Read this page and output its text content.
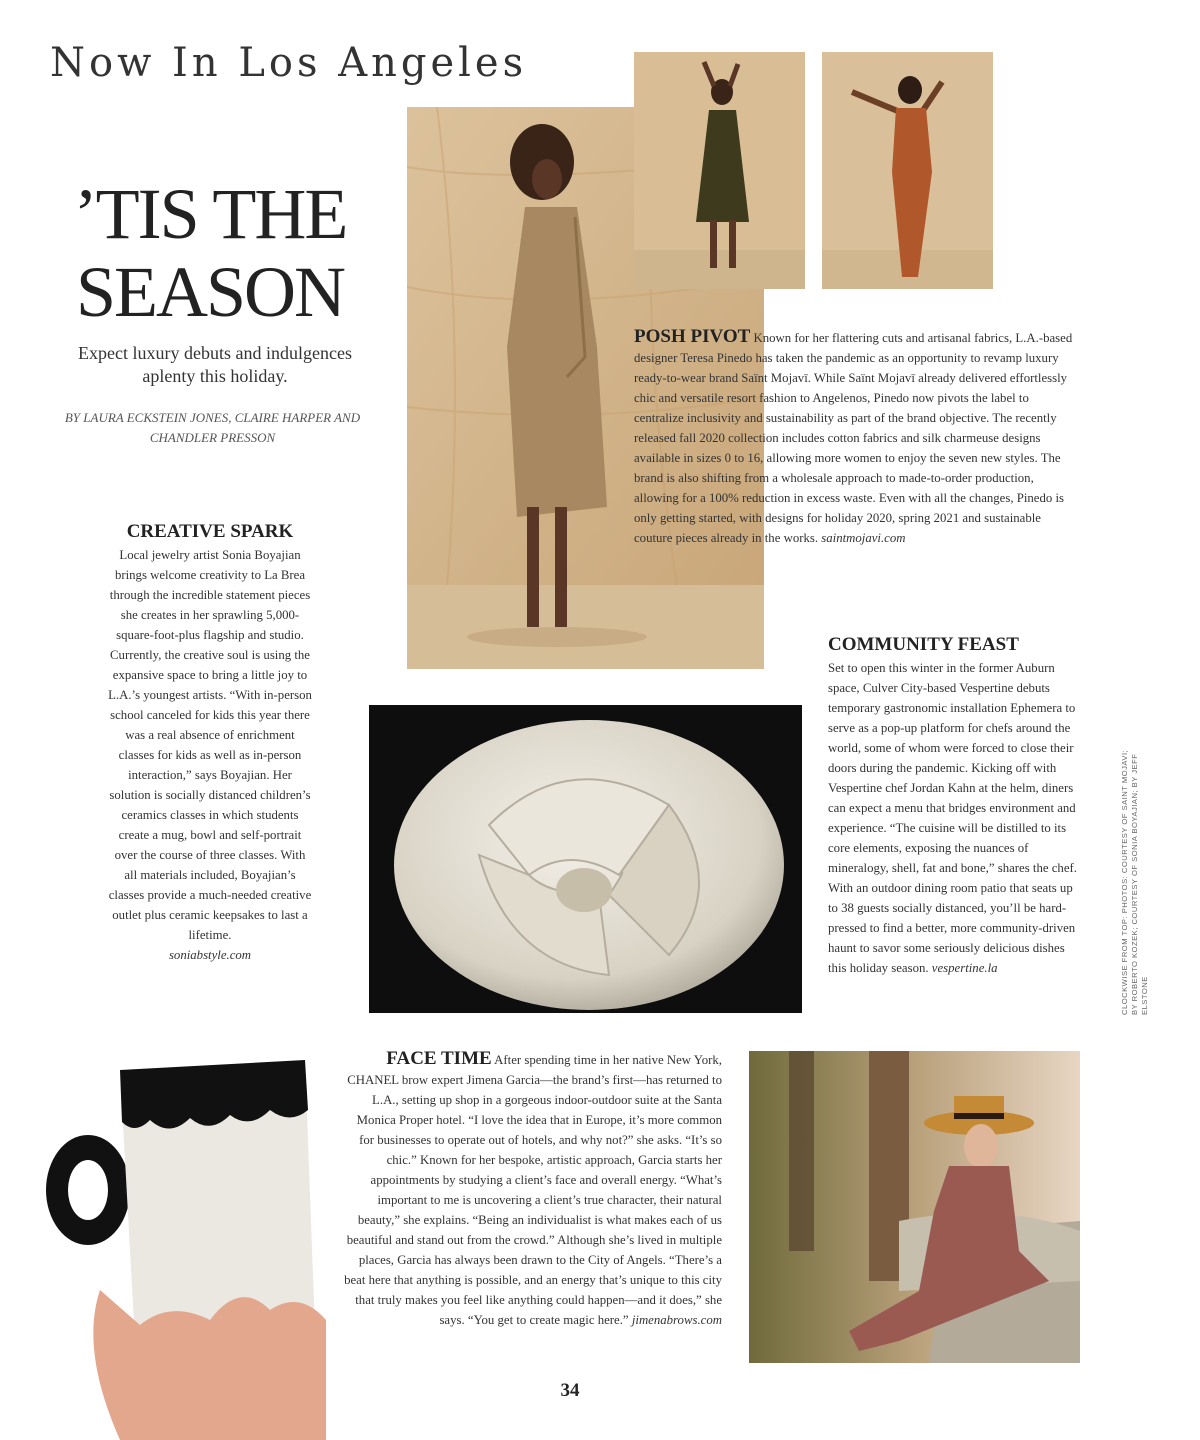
Now In Los Angeles
’TIS THE
SEASON
Expect luxury debuts and indulgences aplenty this holiday.
BY LAURA ECKSTEIN JONES, CLAIRE HARPER AND CHANDLER PRESSON
CREATIVE SPARK
Local jewelry artist Sonia Boyajian brings welcome creativity to La Brea through the incredible statement pieces she creates in her sprawling 5,000-square-foot-plus flagship and studio. Currently, the creative soul is using the expansive space to bring a little joy to L.A.’s youngest artists. “With in-person school canceled for kids this year there was a real absence of enrichment classes for kids as well as in-person interaction,” says Boyajian. Her solution is socially distanced children’s ceramics classes in which students create a mug, bowl and self-portrait over the course of three classes. With all materials included, Boyajian’s classes provide a much-needed creative outlet plus ceramic keepsakes to last a lifetime.
soniabstyle.com
POSH PIVOT Known for her flattering cuts and artisanal fabrics, L.A.-based designer Teresa Pinedo has taken the pandemic as an opportunity to revamp luxury ready-to-wear brand Saïnt Mojavī. While Saïnt Mojavī already delivered effortlessly chic and versatile resort fashion to Angelenos, Pinedo now pivots the label to centralize inclusivity and sustainability as part of the brand objective. The recently released fall 2020 collection includes cotton fabrics and silk charmeuse designs available in sizes 0 to 16, allowing more women to enjoy the seven new styles. The brand is also shifting from a wholesale approach to made-to-order production, allowing for a 100% reduction in excess waste. Even with all the changes, Pinedo is only getting started, with designs for holiday 2020, spring 2021 and sustainable couture pieces already in the works. saintmojavi.com
COMMUNITY FEAST
Set to open this winter in the former Auburn space, Culver City-based Vespertine debuts temporary gastronomic installation Ephemera to serve as a pop-up platform for chefs around the world, some of whom were forced to close their doors during the pandemic. Kicking off with Vespertine chef Jordan Kahn at the helm, diners can expect a menu that bridges environment and experience. “The cuisine will be distilled to its core elements, exposing the nuances of mineralogy, shell, fat and bone,” shares the chef. With an outdoor dining room patio that seats up to 38 guests socially distanced, you’ll be hard-pressed to find a better, more community-driven haunt to savor some seriously delicious dishes this holiday season. vespertine.la
FACE TIME After spending time in her native New York, CHANEL brow expert Jimena Garcia—the brand’s first—has returned to L.A., setting up shop in a gorgeous indoor-outdoor suite at the Santa Monica Proper hotel. “I love the idea that in Europe, it’s more common for businesses to operate out of hotels, and why not?” she asks. “It’s so chic.” Known for her bespoke, artistic approach, Garcia starts her appointments by studying a client’s face and overall energy. “What’s important to me is uncovering a client’s true character, their natural beauty,” she explains. “Being an individualist is what makes each of us beautiful and stand out from the crowd.” Although she’s lived in multiple places, Garcia has always been drawn to the City of Angels. “There’s a beat here that anything is possible, and an energy that’s unique to this city that truly makes you feel like anything could happen—and it does,” she says. “You get to create magic here.” jimenabrows.com
CLOCKWISE FROM TOP: PHOTOS: COURTESY OF SAINT MOJAVI; BY ROBERTO KOZEK; COURTESY OF SONIA BOYAJIAN; BY JEFF ELSTONE
34
